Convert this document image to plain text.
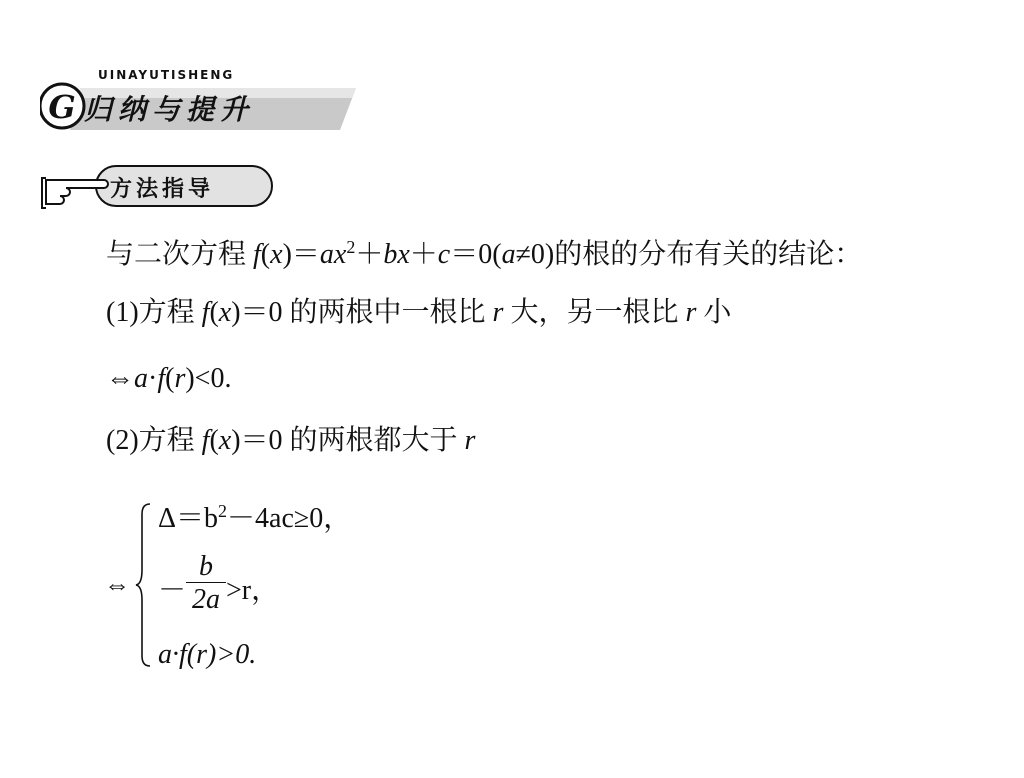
G
UINAYUTISHENG
归纳与提升
方法指导
与二次方程 $f(x)=ax^2+bx+c=0(a\ne 0)$的根的分布有关的结论：
(1)方程 f(x)＝0 的两根中一根比 r 大，另一根比 r 小
⇔a·f(r)<0.
(2)方程 f(x)＝0 的两根都大于 r
⇔
$\Delta=b^2-4ac\ge 0$，
－ >r，
$\frac{b}{2a}$
a·f(r)>0.
